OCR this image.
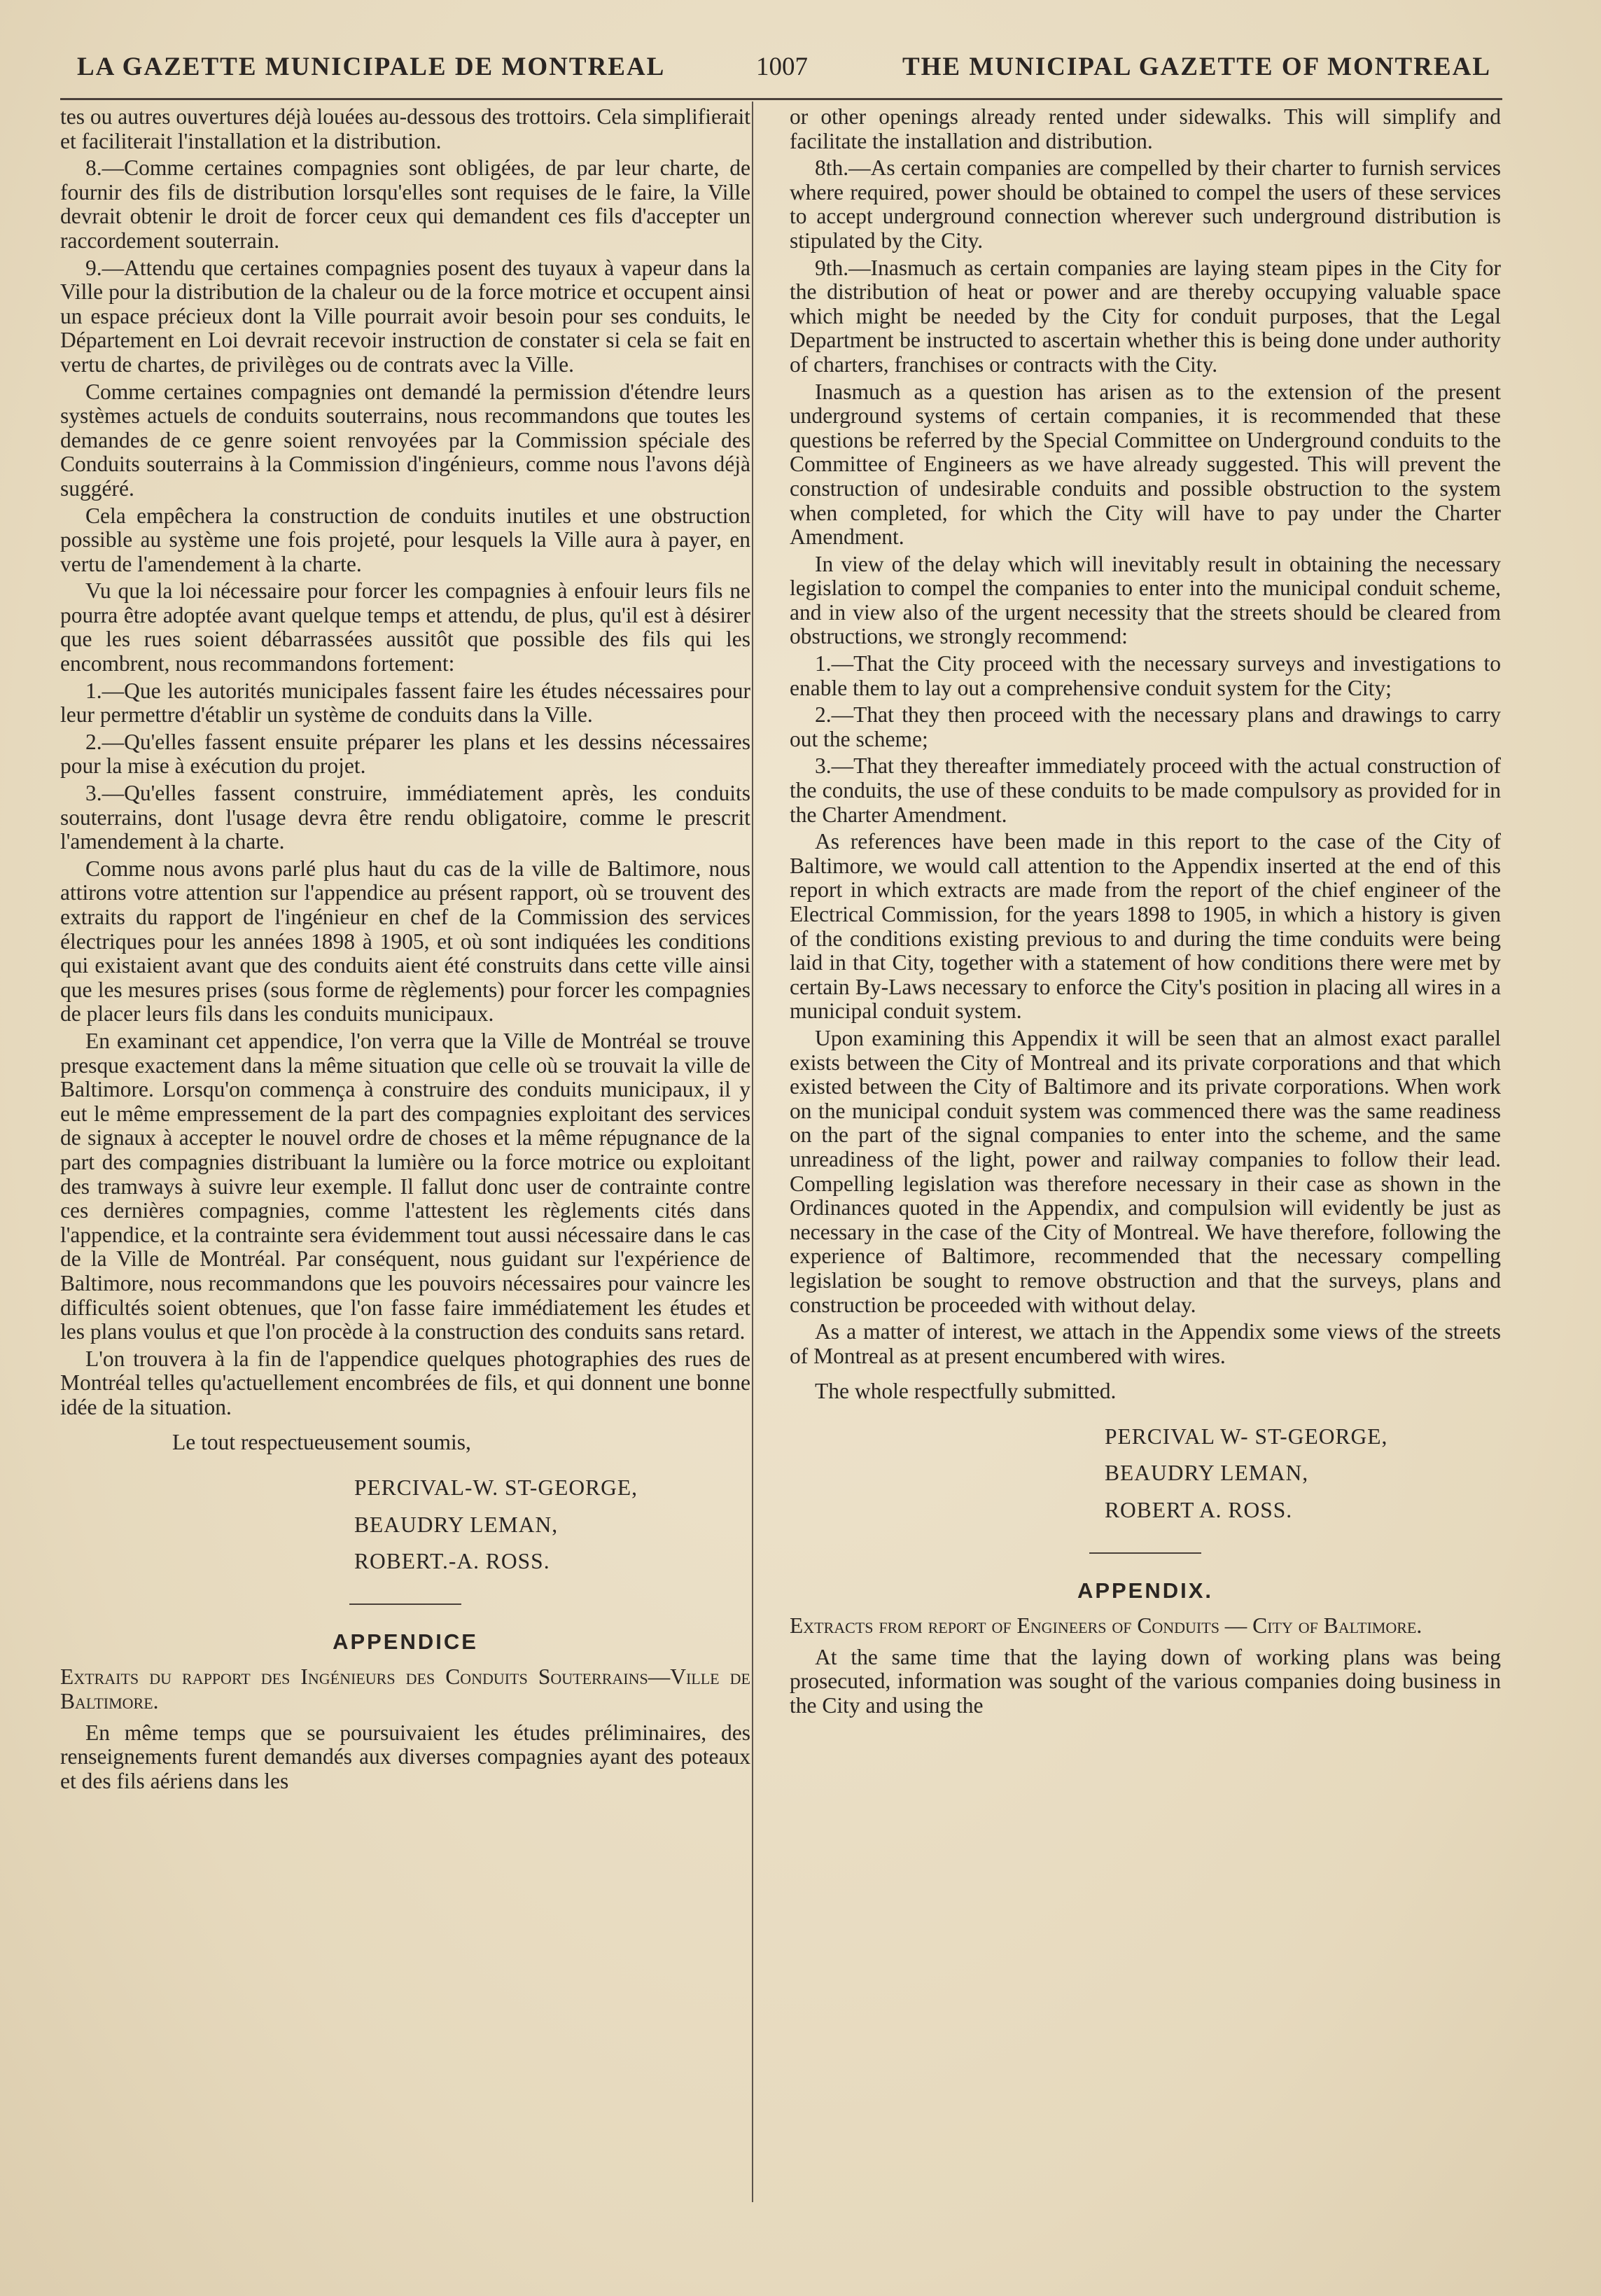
LA GAZETTE MUNICIPALE DE MONTREAL	1007	THE MUNICIPAL GAZETTE OF MONTREAL

tes ou autres ouvertures déjà louées au-dessous des trottoirs. Cela simplifierait et faciliterait l'installation et la distribution.

8.—Comme certaines compagnies sont obligées, de par leur charte, de fournir des fils de distribution lorsqu'elles sont requises de le faire, la Ville devrait obtenir le droit de forcer ceux qui demandent ces fils d'accepter un raccordement souterrain.

9.—Attendu que certaines compagnies posent des tuyaux à vapeur dans la Ville pour la distribution de la chaleur ou de la force motrice et occupent ainsi un espace précieux dont la Ville pourrait avoir besoin pour ses conduits, le Département en Loi devrait recevoir instruction de constater si cela se fait en vertu de chartes, de privilèges ou de contrats avec la Ville.

Comme certaines compagnies ont demandé la permission d'étendre leurs systèmes actuels de conduits souterrains, nous recommandons que toutes les demandes de ce genre soient renvoyées par la Commission spéciale des Conduits souterrains à la Commission d'ingénieurs, comme nous l'avons déjà suggéré.

Cela empêchera la construction de conduits inutiles et une obstruction possible au système une fois projeté, pour lesquels la Ville aura à payer, en vertu de l'amendement à la charte.

Vu que la loi nécessaire pour forcer les compagnies à enfouir leurs fils ne pourra être adoptée avant quelque temps et attendu, de plus, qu'il est à désirer que les rues soient débarrassées aussitôt que possible des fils qui les encombrent, nous recommandons fortement:

1.—Que les autorités municipales fassent faire les études nécessaires pour leur permettre d'établir un système de conduits dans la Ville.

2.—Qu'elles fassent ensuite préparer les plans et les dessins nécessaires pour la mise à exécution du projet.

3.—Qu'elles fassent construire, immédiatement après, les conduits souterrains, dont l'usage devra être rendu obligatoire, comme le prescrit l'amendement à la charte.

Comme nous avons parlé plus haut du cas de la ville de Baltimore, nous attirons votre attention sur l'appendice au présent rapport, où se trouvent des extraits du rapport de l'ingénieur en chef de la Commission des services électriques pour les années 1898 à 1905, et où sont indiquées les conditions qui existaient avant que des conduits aient été construits dans cette ville ainsi que les mesures prises (sous forme de règlements) pour forcer les compagnies de placer leurs fils dans les conduits municipaux.

En examinant cet appendice, l'on verra que la Ville de Montréal se trouve presque exactement dans la même situation que celle où se trouvait la ville de Baltimore. Lorsqu'on commença à construire des conduits municipaux, il y eut le même empressement de la part des compagnies exploitant des services de signaux à accepter le nouvel ordre de choses et la même répugnance de la part des compagnies distribuant la lumière ou la force motrice ou exploitant des tramways à suivre leur exemple. Il fallut donc user de contrainte contre ces dernières compagnies, comme l'attestent les règlements cités dans l'appendice, et la contrainte sera évidemment tout aussi nécessaire dans le cas de la Ville de Montréal. Par conséquent, nous guidant sur l'expérience de Baltimore, nous recommandons que les pouvoirs nécessaires pour vaincre les difficultés soient obtenues, que l'on fasse faire immédiatement les études et les plans voulus et que l'on procède à la construction des conduits sans retard.

L'on trouvera à la fin de l'appendice quelques photographies des rues de Montréal telles qu'actuellement encombrées de fils, et qui donnent une bonne idée de la situation.

Le tout respectueusement soumis,

PERCIVAL-W. ST-GEORGE,

BEAUDRY LEMAN,

ROBERT.-A. ROSS.

APPENDICE

Extraits du rapport des Ingénieurs des Conduits Souterrains—Ville de Baltimore.

En même temps que se poursuivaient les études préliminaires, des renseignements furent demandés aux diverses compagnies ayant des poteaux et des fils aériens dans les

or other openings already rented under sidewalks. This will simplify and facilitate the installation and distribution.

8th.—As certain companies are compelled by their charter to furnish services where required, power should be obtained to compel the users of these services to accept underground connection wherever such underground distribution is stipulated by the City.

9th.—Inasmuch as certain companies are laying steam pipes in the City for the distribution of heat or power and are thereby occupying valuable space which might be needed by the City for conduit purposes, that the Legal Department be instructed to ascertain whether this is being done under authority of charters, franchises or contracts with the City.

Inasmuch as a question has arisen as to the extension of the present underground systems of certain companies, it is recommended that these questions be referred by the Special Committee on Underground conduits to the Committee of Engineers as we have already suggested. This will prevent the construction of undesirable conduits and possible obstruction to the system when completed, for which the City will have to pay under the Charter Amendment.

In view of the delay which will inevitably result in obtaining the necessary legislation to compel the companies to enter into the municipal conduit scheme, and in view also of the urgent necessity that the streets should be cleared from obstructions, we strongly recommend:

1.—That the City proceed with the necessary surveys and investigations to enable them to lay out a comprehensive conduit system for the City;

2.—That they then proceed with the necessary plans and drawings to carry out the scheme;

3.—That they thereafter immediately proceed with the actual construction of the conduits, the use of these conduits to be made compulsory as provided for in the Charter Amendment.

As references have been made in this report to the case of the City of Baltimore, we would call attention to the Appendix inserted at the end of this report in which extracts are made from the report of the chief engineer of the Electrical Commission, for the years 1898 to 1905, in which a history is given of the conditions existing previous to and during the time conduits were being laid in that City, together with a statement of how conditions there were met by certain By-Laws necessary to enforce the City's position in placing all wires in a municipal conduit system.

Upon examining this Appendix it will be seen that an almost exact parallel exists between the City of Montreal and its private corporations and that which existed between the City of Baltimore and its private corporations. When work on the municipal conduit system was commenced there was the same readiness on the part of the signal companies to enter into the scheme, and the same unreadiness of the light, power and railway companies to follow their lead. Compelling legislation was therefore necessary in their case as shown in the Ordinances quoted in the Appendix, and compulsion will evidently be just as necessary in the case of the City of Montreal. We have therefore, following the experience of Baltimore, recommended that the necessary compelling legislation be sought to remove obstruction and that the surveys, plans and construction be proceeded with without delay.

As a matter of interest, we attach in the Appendix some views of the streets of Montreal as at present encumbered with wires.

The whole respectfully submitted.

PERCIVAL W- ST-GEORGE,

BEAUDRY LEMAN,

ROBERT A. ROSS.

APPENDIX.

Extracts from report of Engineers of Conduits — City of Baltimore.

At the same time that the laying down of working plans was being prosecuted, information was sought of the various companies doing business in the City and using the
